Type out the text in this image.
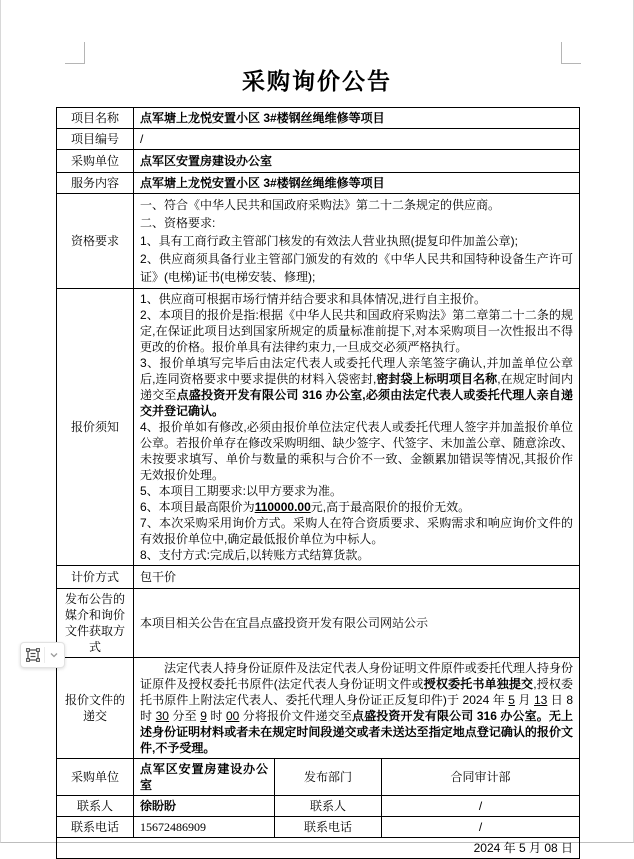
采购询价公告
项目名称	点军塘上龙悦安置小区 3#楼钢丝绳维修等项目		

项目编号	/		

采购单位	点军区安置房建设办公室		

服务内容	点军塘上龙悦安置小区 3#楼钢丝绳维修等项目		

资格要求	一、符合《中华人民共和国政府采购法》第二十二条规定的供应商。
二、资格要求:
1、具有工商行政主管部门核发的有效法人营业执照(提复印件加盖公章);
2、供应商须具备行业主管部门颁发的有效的《中华人民共和国特种设备生产许可证》(电梯)证书(电梯安装、修理);		

报价须知	
1、供应商可根据市场行情并结合要求和具体情况,进行自主报价。
2、本项目的报价是指:根据《中华人民共和国政府采购法》第二章第二十二条的规定,在保证此项目达到国家所规定的质量标准前提下,对本采购项目一次性报出不得更改的价格。报价单具有法律约束力,一旦成交必须严格执行。
3、报价单填写完毕后由法定代表人或委托代理人亲笔签字确认,并加盖单位公章后,连同资格要求中要求提供的材料入袋密封,密封袋上标明项目名称,在规定时间内递交至点盛投资开发有限公司 316 办公室,必须由法定代表人或委托代理人亲自递交并登记确认。
4、报价单如有修改,必须由报价单位法定代表人或委托代理人签字并加盖报价单位公章。若报价单存在修改采购明细、缺少签字、代签字、未加盖公章、随意涂改、未按要求填写、单价与数量的乘积与合价不一致、金额累加错误等情况,其报价作无效报价处理。
5、本项目工期要求:以甲方要求为准。
6、本项目最高限价为110000.00元,高于最高限价的报价无效。
7、本次采购采用询价方式。采购人在符合资质要求、采购需求和响应询价文件的有效报价单位中,确定最低报价单位为中标人。
8、支付方式:完成后,以转账方式结算货款。

计价方式	包干价		

发布公告的媒介和询价文件获取方式	本项目相关公告在宜昌点盛投资开发有限公司网站公示		

报价文件的递交	法定代表人持身份证原件及法定代表人身份证明文件原件或委托代理人持身份证原件及授权委托书原件(法定代表人身份证明文件或授权委托书单独提交,授权委托书原件上附法定代表人、委托代理人身份证正反复印件)于 2024 年 5 月 13 日 8 时 30 分至 9 时 00 分将报价文件递交至点盛投资开发有限公司 316 办公室。无上述身份证明材料或者未在规定时间段递交或者未送达至指定地点登记确认的报价文件,不予受理。		

采购单位	点军区安置房建设办公室	发布部门	合同审计部
联系人	徐盼盼	联系人	/
联系电话	15672486909	联系电话	/
2024 年 5 月 08 日			
